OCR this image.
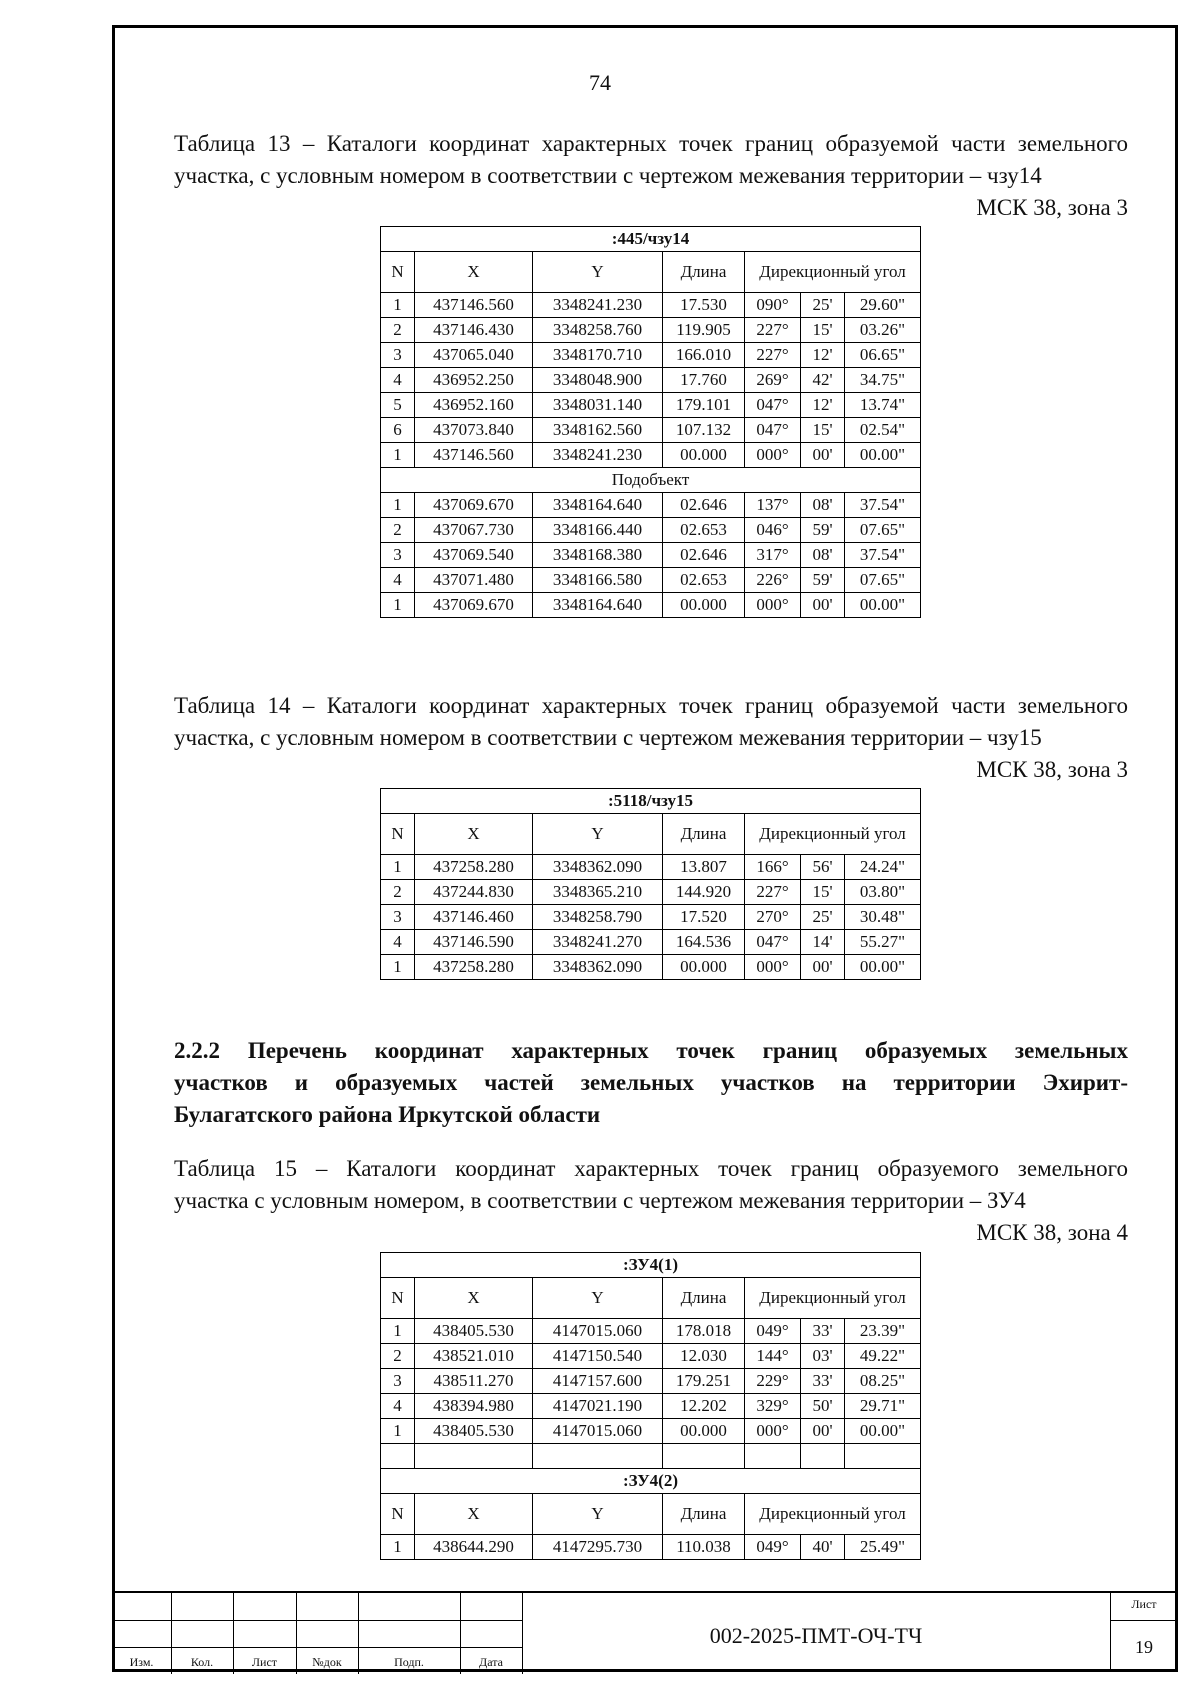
74
Таблица 13 – Каталоги координат характерных точек границ образуемой части земельного
участка, с условным номером в соответствии с чертежом межевания территории – чзу14
МСК 38, зона 3
:445/чзу14						
N	X	Y	Длина	Дирекционный угол		
1	437146.560	3348241.230	17.530	090°	25'	29.60"
2	437146.430	3348258.760	119.905	227°	15'	03.26"
3	437065.040	3348170.710	166.010	227°	12'	06.65"
4	436952.250	3348048.900	17.760	269°	42'	34.75"
5	436952.160	3348031.140	179.101	047°	12'	13.74"
6	437073.840	3348162.560	107.132	047°	15'	02.54"
1	437146.560	3348241.230	00.000	000°	00'	00.00"
Подобъект						
1	437069.670	3348164.640	02.646	137°	08'	37.54"
2	437067.730	3348166.440	02.653	046°	59'	07.65"
3	437069.540	3348168.380	02.646	317°	08'	37.54"
4	437071.480	3348166.580	02.653	226°	59'	07.65"
1	437069.670	3348164.640	00.000	000°	00'	00.00"
Таблица 14 – Каталоги координат характерных точек границ образуемой части земельного
участка, с условным номером в соответствии с чертежом межевания территории – чзу15
МСК 38, зона 3
:5118/чзу15						
N	X	Y	Длина	Дирекционный угол		
1	437258.280	3348362.090	13.807	166°	56'	24.24"
2	437244.830	3348365.210	144.920	227°	15'	03.80"
3	437146.460	3348258.790	17.520	270°	25'	30.48"
4	437146.590	3348241.270	164.536	047°	14'	55.27"
1	437258.280	3348362.090	00.000	000°	00'	00.00"
2.2.2 Перечень координат характерных точек границ образуемых земельных
участков и образуемых частей земельных участков на территории Эхирит-
Булагатского района Иркутской области
Таблица 15 – Каталоги координат характерных точек границ образуемого земельного
участка с условным номером, в соответствии с чертежом межевания территории – ЗУ4
МСК 38, зона 4
:ЗУ4(1)						
N	X	Y	Длина	Дирекционный угол		
1	438405.530	4147015.060	178.018	049°	33'	23.39"
2	438521.010	4147150.540	12.030	144°	03'	49.22"
3	438511.270	4147157.600	179.251	229°	33'	08.25"
4	438394.980	4147021.190	12.202	329°	50'	29.71"
1	438405.530	4147015.060	00.000	000°	00'	00.00"

:ЗУ4(2)						
N	X	Y	Длина	Дирекционный угол		
1	438644.290	4147295.730	110.038	049°	40'	25.49"
Изм.	Кол.	Лист	№док	Подп.	Дата
002-2025-ПМТ-ОЧ-ТЧ
Лист
19
